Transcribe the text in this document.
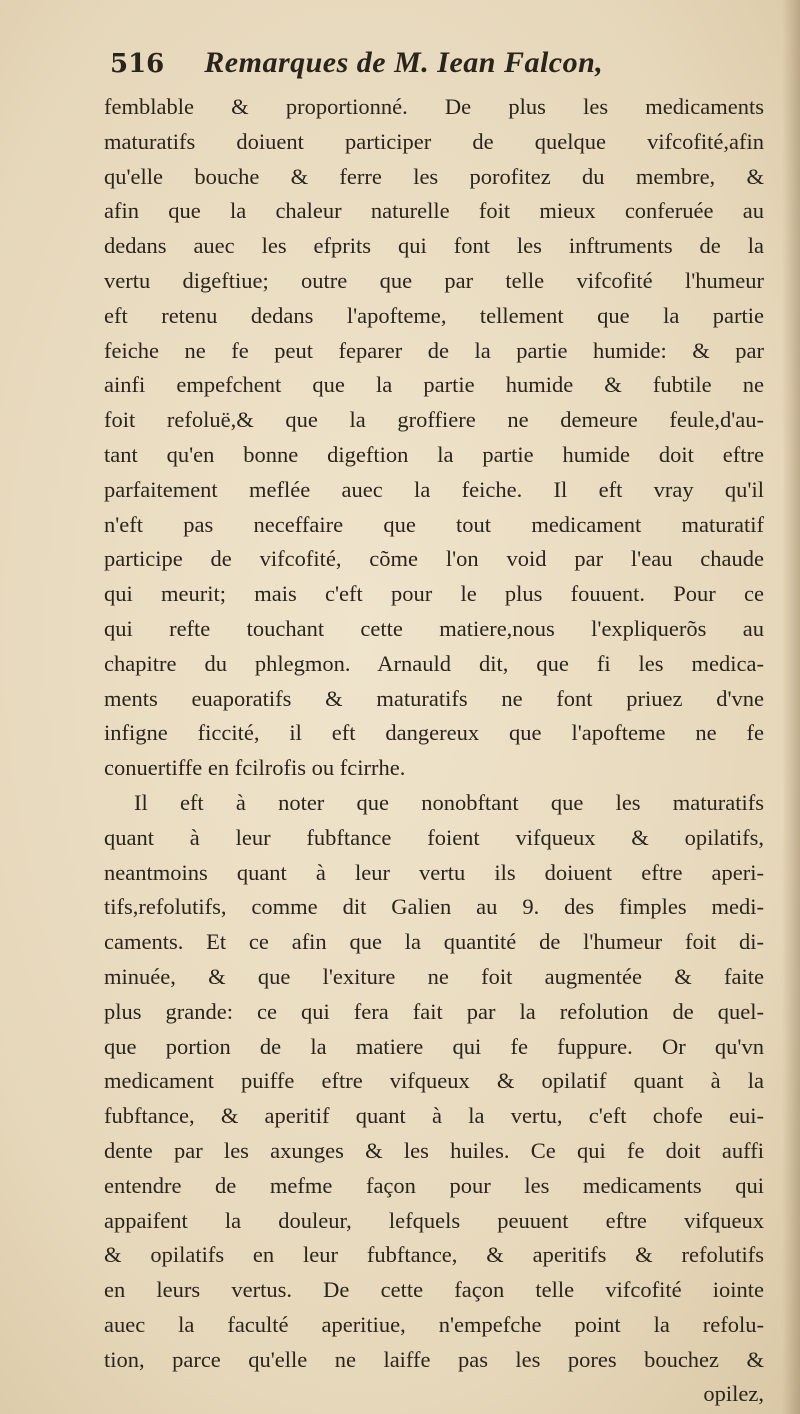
516 Remarques de M. Iean Falcon,
femblable & proportionné. De plus les medicaments
maturatifs doiuent participer de quelque vifcofité,afin
qu'elle bouche & ferre les porofitez du membre, &
afin que la chaleur naturelle foit mieux conferuée au
dedans auec les efprits qui font les inftruments de la
vertu digeftiue; outre que par telle vifcofité l'humeur
eft retenu dedans l'apofteme, tellement que la partie
feiche ne fe peut feparer de la partie humide: & par
ainfi empefchent que la partie humide & fubtile ne
foit refoluë,& que la groffiere ne demeure feule,d'au-
tant qu'en bonne digeftion la partie humide doit eftre
parfaitement meflée auec la feiche. Il eft vray qu'il
n'eft pas neceffaire que tout medicament maturatif
participe de vifcofité, cõme l'on void par l'eau chaude
qui meurit; mais c'eft pour le plus fouuent. Pour ce
qui refte touchant cette matiere,nous l'expliquerõs au
chapitre du phlegmon. Arnauld dit, que fi les medica-
ments euaporatifs & maturatifs ne font priuez d'vne
infigne ficcité, il eft dangereux que l'apofteme ne fe
conuertiffe en fcilrofis ou fcirrhe.
Il eft à noter que nonobftant que les maturatifs
quant à leur fubftance foient vifqueux & opilatifs,
neantmoins quant à leur vertu ils doiuent eftre aperi-
tifs,refolutifs, comme dit Galien au 9. des fimples medi-
caments. Et ce afin que la quantité de l'humeur foit di-
minuée, & que l'exiture ne foit augmentée & faite
plus grande: ce qui fera fait par la refolution de quel-
que portion de la matiere qui fe fuppure. Or qu'vn
medicament puiffe eftre vifqueux & opilatif quant à la
fubftance, & aperitif quant à la vertu, c'eft chofe eui-
dente par les axunges & les huiles. Ce qui fe doit auffi
entendre de mefme façon pour les medicaments qui
appaifent la douleur, lefquels peuuent eftre vifqueux
& opilatifs en leur fubftance, & aperitifs & refolutifs
en leurs vertus. De cette façon telle vifcofité iointe
auec la faculté aperitiue, n'empefche point la refolu-
tion, parce qu'elle ne laiffe pas les pores bouchez &
opilez,
